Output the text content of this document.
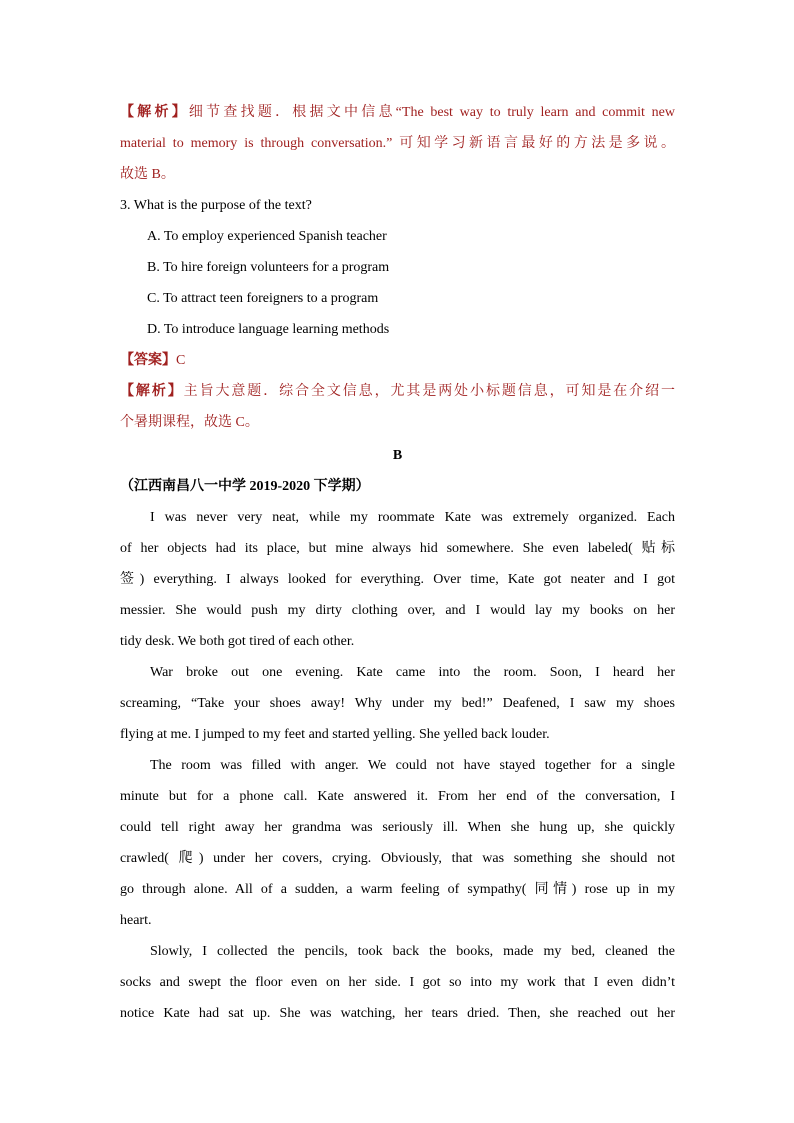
【解析】细节查找题．根据文中信息“The best way to truly learn and commit new
material to memory is through conversation.” 可知学习新语言最好的方法是多说。
故选 B。
3. What is the purpose of the text?
A. To employ experienced Spanish teacher
B. To hire foreign volunteers for a program
C. To attract teen foreigners to a program
D. To introduce language learning methods
【答案】C
【解析】主旨大意题．综合全文信息，尤其是两处小标题信息，可知是在介绍一
个暑期课程，故选 C。
B
（江西南昌八一中学 2019-2020 下学期）
I was never very neat, while my roommate Kate was extremely organized. Each
of her objects had its place, but mine always hid somewhere. She even labeled( 贴标
签) everything. I always looked for everything. Over time, Kate got neater and I got
messier. She would push my dirty clothing over, and I would lay my books on her
tidy desk. We both got tired of each other.
War broke out one evening. Kate came into the room. Soon, I heard her
screaming, “Take your shoes away! Why under my bed!” Deafened, I saw my shoes
flying at me. I jumped to my feet and started yelling. She yelled back louder.
The room was filled with anger. We could not have stayed together for a single
minute but for a phone call. Kate answered it. From her end of the conversation, I
could tell right away her grandma was seriously ill. When she hung up, she quickly
crawled( 爬) under her covers, crying. Obviously, that was something she should not
go through alone. All of a sudden, a warm feeling of sympathy( 同情) rose up in my
heart.
Slowly, I collected the pencils, took back the books, made my bed, cleaned the
socks and swept the floor even on her side. I got so into my work that I even didn’t
notice Kate had sat up. She was watching, her tears dried. Then, she reached out her
